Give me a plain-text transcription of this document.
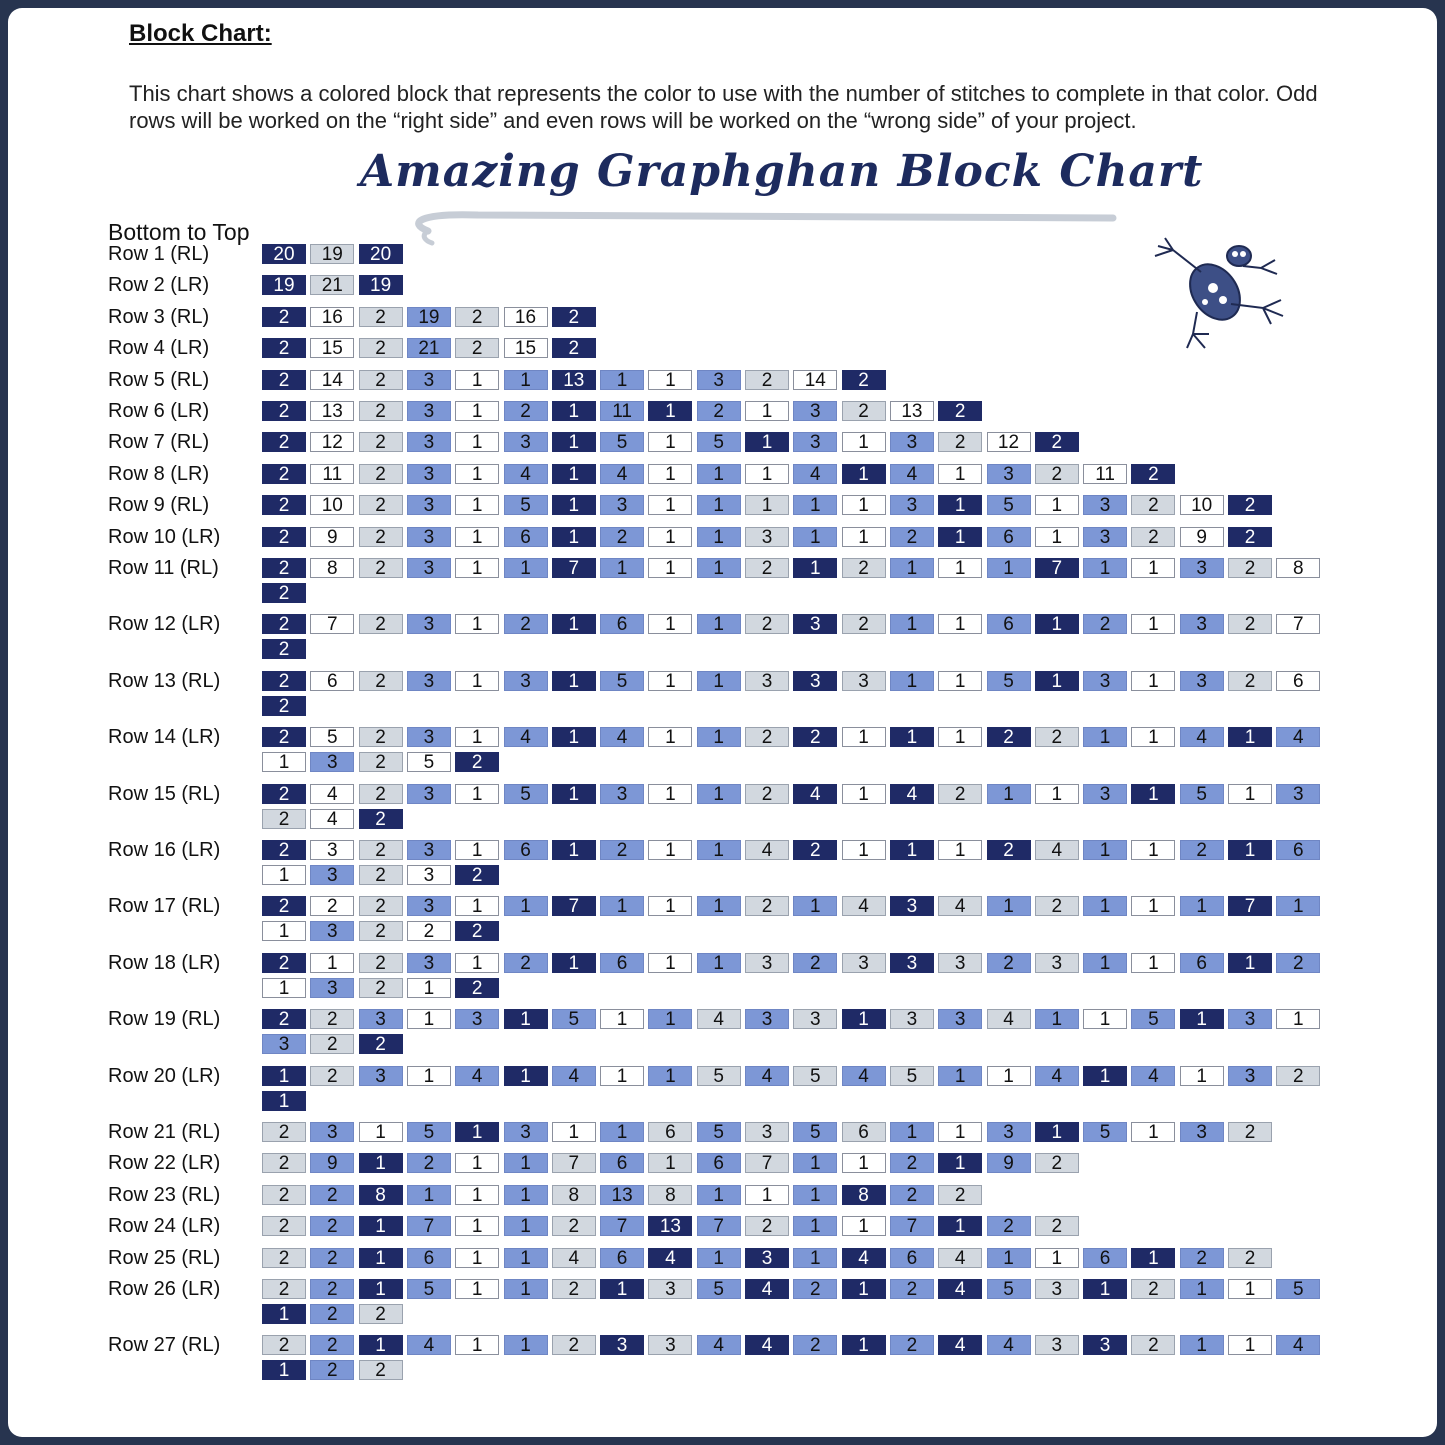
Block Chart:
This chart shows a colored block that represents the color to use with the number of stitches to complete in that color. Odd rows will be worked on the “right side” and even rows will be worked on the “wrong side” of your project.
Amazing Graphghan Block Chart
Bottom to Top
Row 1 (RL)	20	19	20
Row 2 (LR)	19	21	19
Row 3 (RL)	2	16	2	19	2	16	2
Row 4 (LR)	2	15	2	21	2	15	2
Row 5 (RL)	2	14	2	3	1	1	13	1	1	3	2	14	2
Row 6 (LR)	2	13	2	3	1	2	1	11	1	2	1	3	2	13	2
Row 7 (RL)	2	12	2	3	1	3	1	5	1	5	1	3	1	3	2	12	2
Row 8 (LR)	2	11	2	3	1	4	1	4	1	1	1	4	1	4	1	3	2	11	2
Row 9 (RL)	2	10	2	3	1	5	1	3	1	1	1	1	1	3	1	5	1	3	2	10	2
Row 10 (LR)	2	9	2	3	1	6	1	2	1	1	3	1	1	2	1	6	1	3	2	9	2
Row 11 (RL)	2	8	2	3	1	1	7	1	1	1	2	1	2	1	1	1	7	1	1	3	2	8
2
Row 12 (LR)	2	7	2	3	1	2	1	6	1	1	2	3	2	1	1	6	1	2	1	3	2	7
2
Row 13 (RL)	2	6	2	3	1	3	1	5	1	1	3	3	3	1	1	5	1	3	1	3	2	6
2
Row 14 (LR)	2	5	2	3	1	4	1	4	1	1	2	2	1	1	1	2	2	1	1	4	1	4
1	3	2	5	2
Row 15 (RL)	2	4	2	3	1	5	1	3	1	1	2	4	1	4	2	1	1	3	1	5	1	3
2	4	2
Row 16 (LR)	2	3	2	3	1	6	1	2	1	1	4	2	1	1	1	2	4	1	1	2	1	6
1	3	2	3	2
Row 17 (RL)	2	2	2	3	1	1	7	1	1	1	2	1	4	3	4	1	2	1	1	1	7	1
1	3	2	2	2
Row 18 (LR)	2	1	2	3	1	2	1	6	1	1	3	2	3	3	3	2	3	1	1	6	1	2
1	3	2	1	2
Row 19 (RL)	2	2	3	1	3	1	5	1	1	4	3	3	1	3	3	4	1	1	5	1	3	1
3	2	2
Row 20 (LR)	1	2	3	1	4	1	4	1	1	5	4	5	4	5	1	1	4	1	4	1	3	2
1
Row 21 (RL)	2	3	1	5	1	3	1	1	6	5	3	5	6	1	1	3	1	5	1	3	2
Row 22 (LR)	2	9	1	2	1	1	7	6	1	6	7	1	1	2	1	9	2
Row 23 (RL)	2	2	8	1	1	1	8	13	8	1	1	1	8	2	2
Row 24 (LR)	2	2	1	7	1	1	2	7	13	7	2	1	1	7	1	2	2
Row 25 (RL)	2	2	1	6	1	1	4	6	4	1	3	1	4	6	4	1	1	6	1	2	2
Row 26 (LR)	2	2	1	5	1	1	2	1	3	5	4	2	1	2	4	5	3	1	2	1	1	5
1	2	2
Row 27 (RL)	2	2	1	4	1	1	2	3	3	4	4	2	1	2	4	4	3	3	2	1	1	4
1	2	2
